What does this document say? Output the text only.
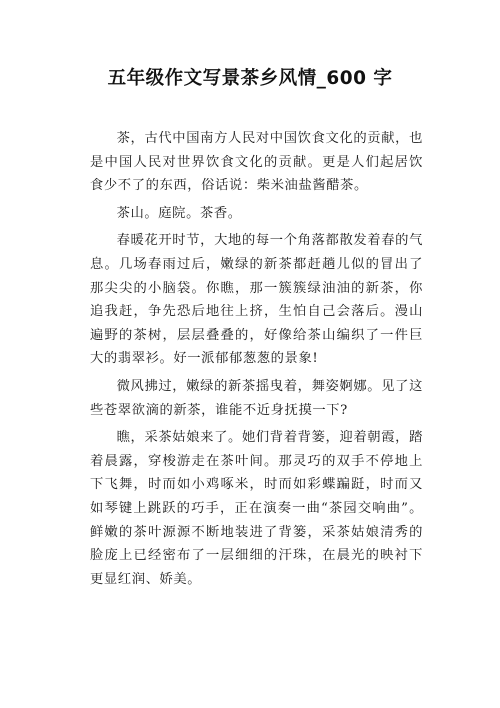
五年级作文写景茶乡风情_600 字

茶，古代中国南方人民对中国饮食文化的贡献，也是中国人民对世界饮食文化的贡献。更是人们起居饮食少不了的东西，俗话说：柴米油盐酱醋茶。

茶山。庭院。茶香。

春暖花开时节，大地的每一个角落都散发着春的气息。几场春雨过后，嫩绿的新茶都赶趟儿似的冒出了那尖尖的小脑袋。你瞧，那一簇簇绿油油的新茶，你追我赶，争先恐后地往上挤，生怕自己会落后。漫山遍野的茶树，层层叠叠的，好像给茶山编织了一件巨大的翡翠衫。好一派郁郁葱葱的景象!

微风拂过，嫩绿的新茶摇曳着，舞姿婀娜。见了这些苍翠欲滴的新茶，谁能不近身抚摸一下?

瞧，采茶姑娘来了。她们背着背篓，迎着朝霞，踏着晨露，穿梭游走在茶叶间。那灵巧的双手不停地上下飞舞，时而如小鸡啄米，时而如彩蝶蹁跹，时而又如琴键上跳跃的巧手，正在演奏一曲“茶园交响曲”。鲜嫩的茶叶源源不断地装进了背篓，采茶姑娘清秀的脸庞上已经密布了一层细细的汗珠，在晨光的映衬下更显红润、娇美。
